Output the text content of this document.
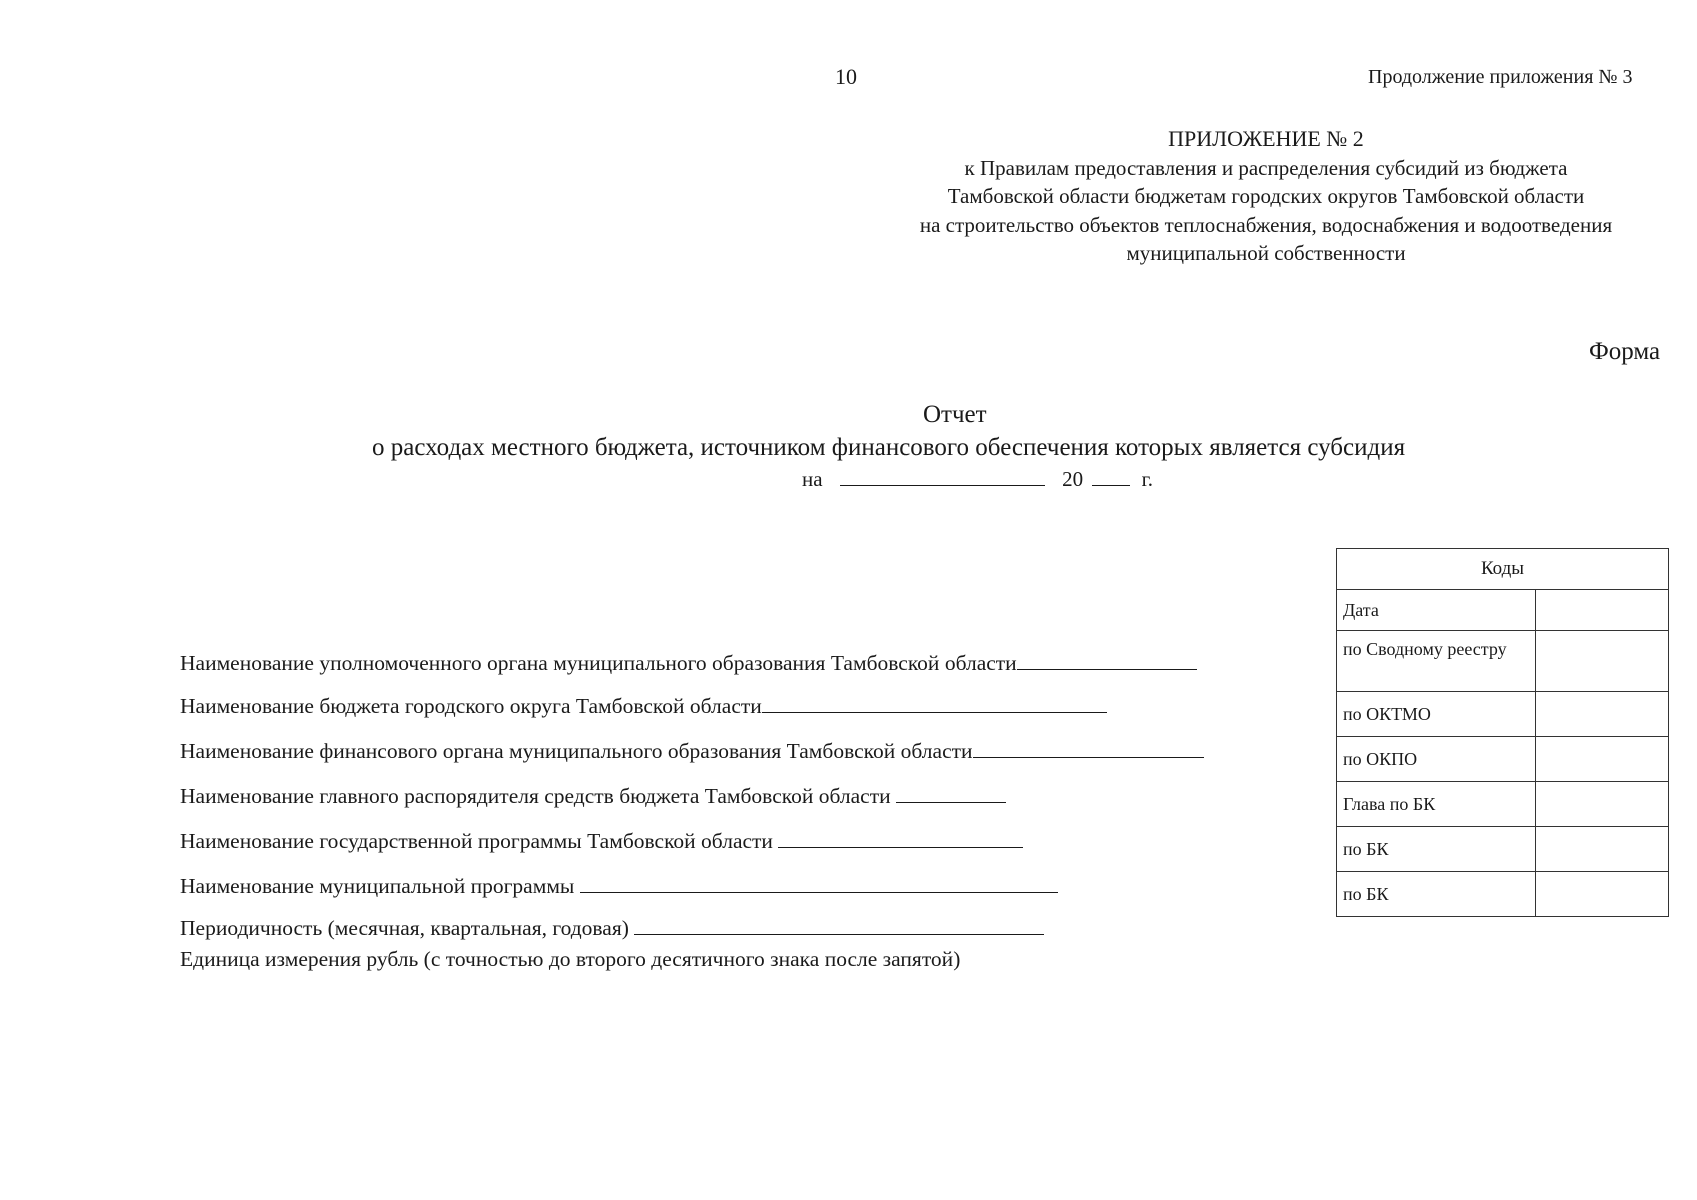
10	Продолжение приложения № 3
ПРИЛОЖЕНИЕ № 2
к Правилам предоставления и распределения субсидий из бюджета
Тамбовской области бюджетам городских округов Тамбовской области
на строительство объектов теплоснабжения, водоснабжения и водоотведения
муниципальной собственности
Форма
Отчет
о расходах местного бюджета, источником финансового обеспечения которых является субсидия
на	20	г.
Коды	
Дата	
по Сводному реестру	
по ОКТМО	
по ОКПО	
Глава по БК	
по БК	
по БК	
Наименование уполномоченного органа муниципального образования Тамбовской области
Наименование бюджета городского округа Тамбовской области
Наименование финансового органа муниципального образования Тамбовской области
Наименование главного распорядителя средств бюджета Тамбовской области
Наименование государственной программы Тамбовской области
Наименование муниципальной программы
Периодичность (месячная, квартальная, годовая)
Единица измерения рубль (с точностью до второго десятичного знака после запятой)
